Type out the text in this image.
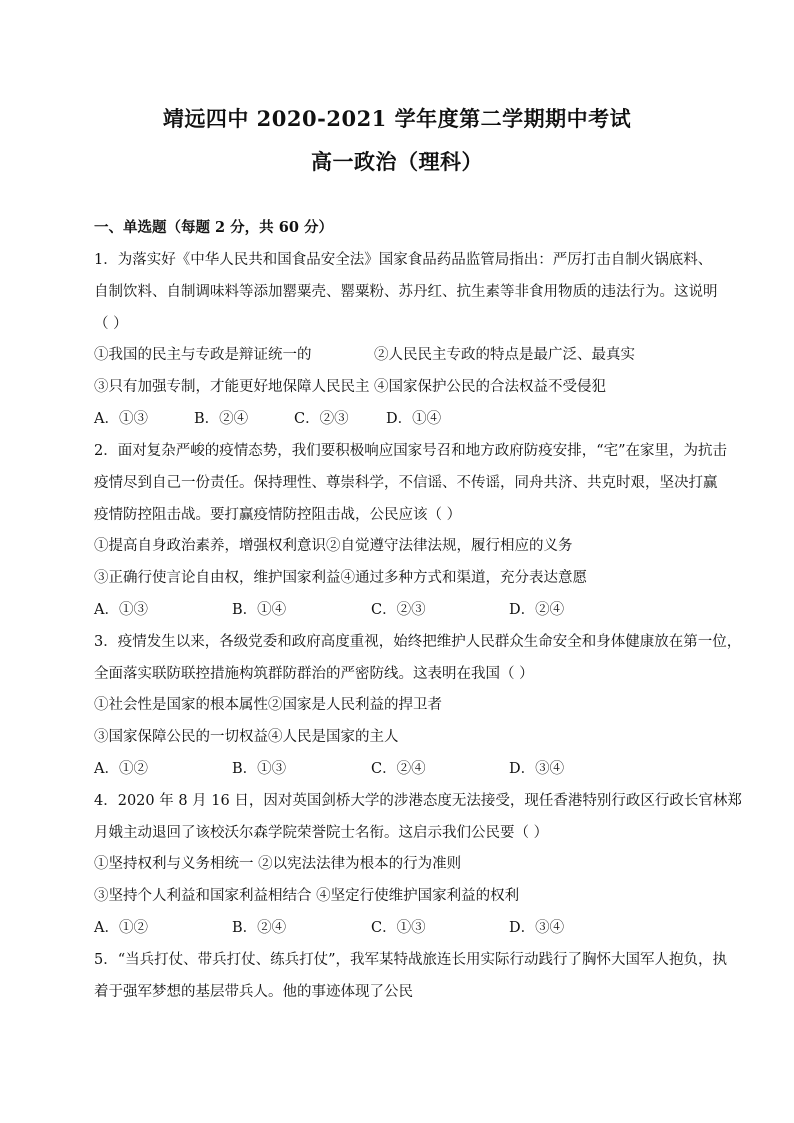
靖远四中 2020-2021 学年度第二学期期中考试
高一政治（理科）
一、单选题（每题 2 分，共 60 分）
1．为落实好《中华人民共和国食品安全法》国家食品药品监管局指出：严厉打击自制火锅底料、
自制饮料、自制调味料等添加罂粟壳、罂粟粉、苏丹红、抗生素等非食用物质的违法行为。这说明
（ ）
①我国的民主与专政是辩证统一的	②人民民主专政的特点是最广泛、最真实
③只有加强专制，才能更好地保障人民民主 ④国家保护公民的合法权益不受侵犯
A．①③	B．②④	C．②③	D．①④
2．面对复杂严峻的疫情态势，我们要积极响应国家号召和地方政府防疫安排，“宅”在家里，为抗击
疫情尽到自己一份责任。保持理性、尊崇科学，不信谣、不传谣，同舟共济、共克时艰，坚决打赢
疫情防控阻击战。要打赢疫情防控阻击战，公民应该（ ）
①提高自身政治素养，增强权利意识②自觉遵守法律法规，履行相应的义务
③正确行使言论自由权，维护国家利益④通过多种方式和渠道，充分表达意愿
A．①③	B．①④	C．②③	D．②④
3．疫情发生以来，各级党委和政府高度重视，始终把维护人民群众生命安全和身体健康放在第一位，
全面落实联防联控措施构筑群防群治的严密防线。这表明在我国（ ）
①社会性是国家的根本属性②国家是人民利益的捍卫者
③国家保障公民的一切权益④人民是国家的主人
A．①②	B．①③	C．②④	D．③④
4．2020 年 8 月 16 日，因对英国剑桥大学的涉港态度无法接受，现任香港特别行政区行政长官林郑
月娥主动退回了该校沃尔森学院荣誉院士名衔。这启示我们公民要（ ）
①坚持权利与义务相统一 ②以宪法法律为根本的行为准则
③坚持个人利益和国家利益相结合 ④坚定行使维护国家利益的权利
A．①②	B．②④	C．①③	D．③④
5．“当兵打仗、带兵打仗、练兵打仗”，我军某特战旅连长用实际行动践行了胸怀大国军人抱负，执
着于强军梦想的基层带兵人。他的事迹体现了公民
